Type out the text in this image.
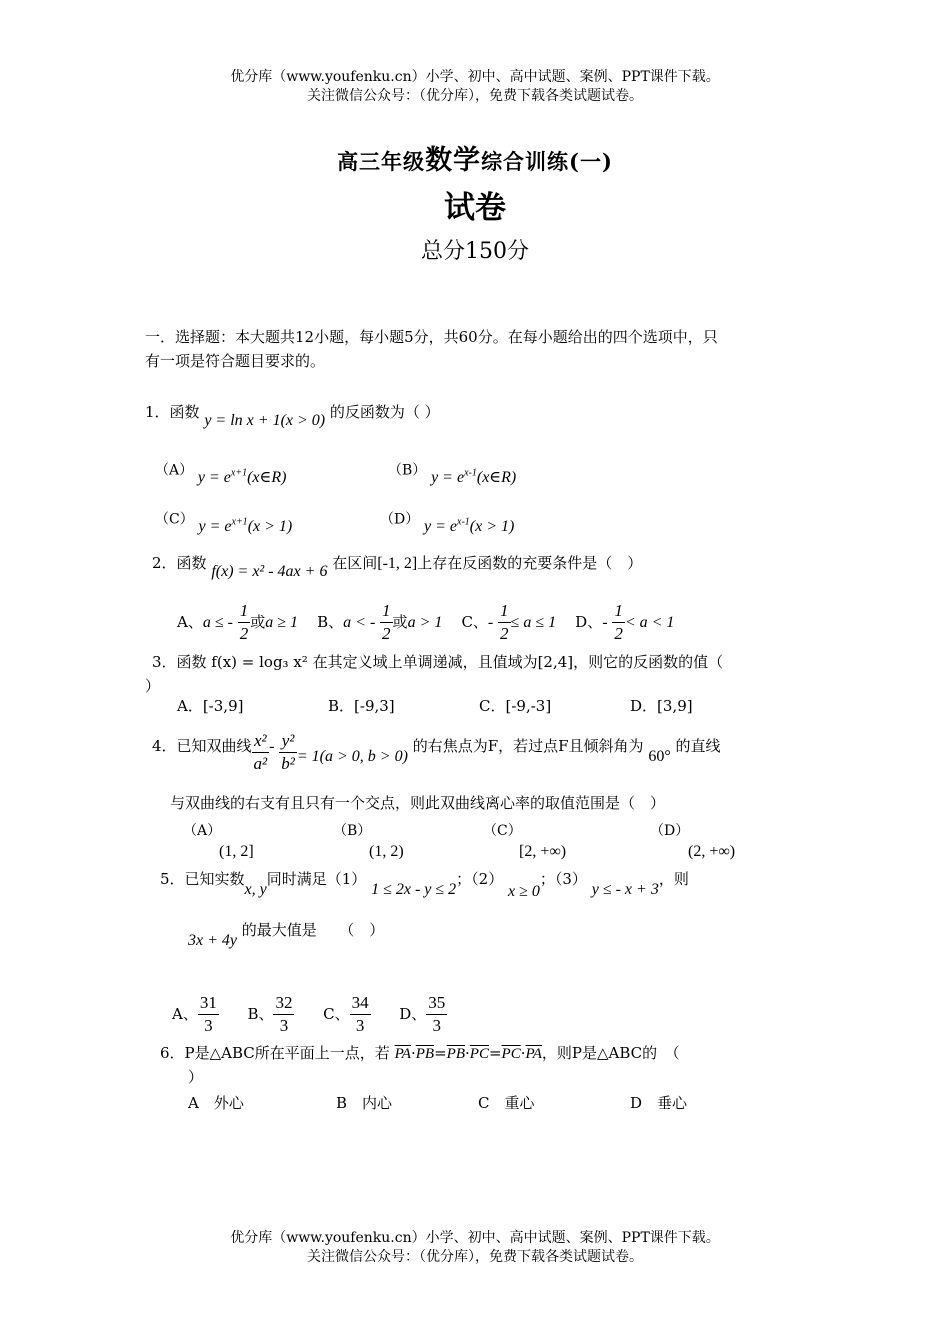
优分库（www.youfenku.cn）小学、初中、高中试题、案例、PPT课件下载。
关注微信公众号：（优分库），免费下载各类试题试卷。
高三年级数学综合训练(一)
试卷
总分150分
一．选择题：本大题共12小题，每小题5分，共60分。在每小题给出的四个选项中，只
有一项是符合题目要求的。
1．函数 y = ln x + 1(x > 0) 的反函数为（ ）
（A） $y = e^{x+1}(x\in R)$	（B） $y = e^{x-1}(x\in R)$
（C） $y = e^{x+1}(x > 1)$	（D） $y = e^{x-1}(x > 1)$
2．函数 f(x) = x² - 4ax + 6 在区间[-1, 2]上存在反函数的充要条件是（　）
A、a ≤ - $\frac{1}{2}$ 或a ≥ 1 B、a < - $\frac{1}{2}$ 或a > 1 C、- $\frac{1}{2} \le a \le 1$ D、- $\frac{1}{2} < a < 1$
3．函数 f(x) = log₃ x² 在其定义域上单调递减，且值域为[2,4]，则它的反函数的值（
）
A．[-3,9]	B．[-9,3]	C．[-9,-3]	D．[3,9]
4．已知双曲线 $\frac{\text{x²}}{\text{a²}} - \frac{\text{y²}}{\text{b²}} = 1(a > 0$, b > 0) 的右焦点为F，若过点F且倾斜角为 60° 的直线
与双曲线的右支有且只有一个交点，则此双曲线离心率的取值范围是（　）
（A）
(1, 2]
（B）
(1, 2)
（C）
[2, +∞)
（D）
(2, +∞)
5．已知实数x, y同时满足（1） 1 ≤ 2x - y ≤ 2；（2） x ≥ 0；（3） y ≤ - x + 3，则
3x + 4y 的最大值是　　（　）
A、 $\frac{31}{3}$ B、 $\frac{32}{3}$ C、 $\frac{34}{3}$ D、 $\frac{35}{3}$
6．P是△ABC所在平面上一点，若 $\overline{PA}\cdot\overline{PB}=\overline{PB}\cdot\overline{PC}=\overline{PC}\cdot\overline{PA}$，则P是△ABC的　（
）
A　外心	B　内心	C　重心	D　垂心
优分库（www.youfenku.cn）小学、初中、高中试题、案例、PPT课件下载。
关注微信公众号：（优分库），免费下载各类试题试卷。
